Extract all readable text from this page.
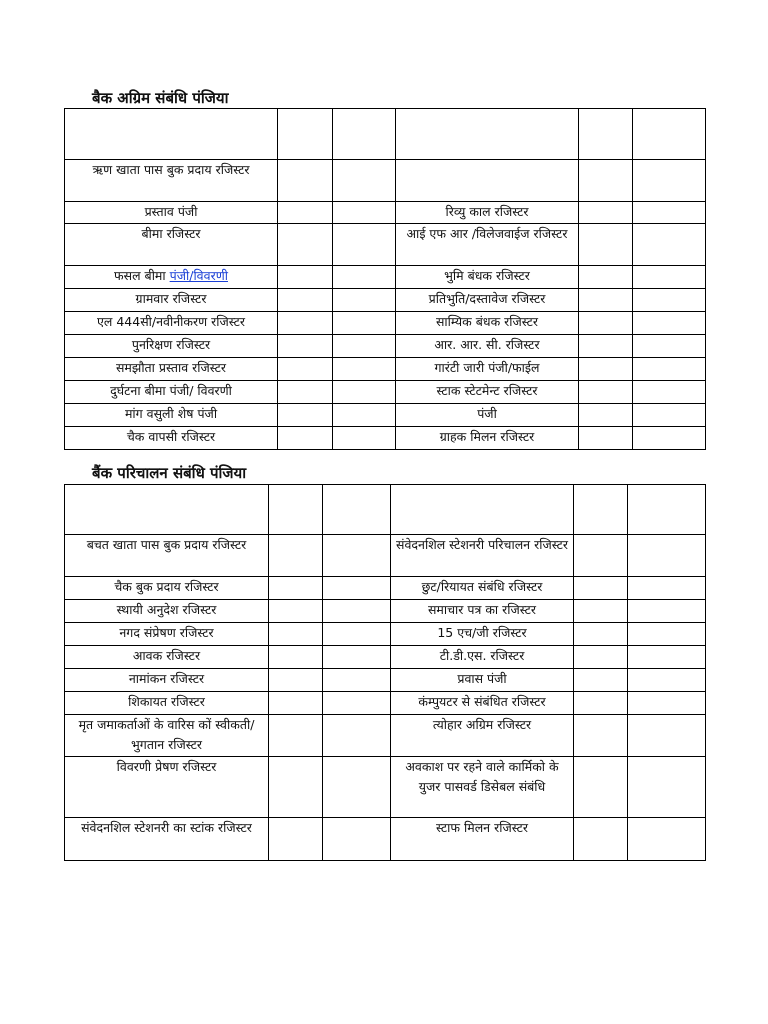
बैक अग्रिम संबंधि पंजिया

ऋण खाता पास बुक प्रदाय रजिस्टर					
प्रस्ताव पंजी			रिव्यु काल रजिस्टर		
बीमा रजिस्टर			आई एफ आर /विलेजवाईज रजिस्टर		
फसल बीमा पंजी/विवरणी			भुमि बंधक रजिस्टर		
ग्रामवार रजिस्टर			प्रतिभुति/दस्तावेज रजिस्टर		
एल 444सी/नवीनीकरण रजिस्टर			साम्यिक बंधक रजिस्टर		
पुनरिक्षण रजिस्टर			आर. आर. सी. रजिस्टर		
समझौता प्रस्ताव रजिस्टर			गारंटी जारी पंजी/फाईल		
दुर्घटना बीमा पंजी/ विवरणी			स्टाक स्टेटमेन्ट रजिस्टर		
मांग वसुली शेष पंजी			पंजी		
चैक वापसी रजिस्टर			ग्राहक मिलन रजिस्टर		
बैंक परिचालन संबंधि पंजिया

बचत खाता पास बुक प्रदाय रजिस्टर			संवेदनशिल स्टेशनरी परिचालन रजिस्टर		
चैक बुक प्रदाय रजिस्टर			छुट/रियायत संबंधि रजिस्टर		
स्थायी अनुदेश रजिस्टर			समाचार पत्र का रजिस्टर		
नगद संप्रेषण रजिस्टर			15 एच/जी रजिस्टर		
आवक रजिस्टर			टी.डी.एस. रजिस्टर		
नामांकन रजिस्टर			प्रवास पंजी		
शिकायत रजिस्टर			कंम्पुयटर से संबंधित रजिस्टर		
मृत जमाकर्ताओं के वारिस कों स्वीकती/भुगतान रजिस्टर			त्योहार अग्रिम रजिस्टर		
विवरणी प्रेषण रजिस्टर			अवकाश पर रहने वाले कार्मिको के युजर पासवर्ड डिसेबल संबंधि		
संवेदनशिल स्टेशनरी का स्टांक रजिस्टर			स्टाफ मिलन रजिस्टर		
